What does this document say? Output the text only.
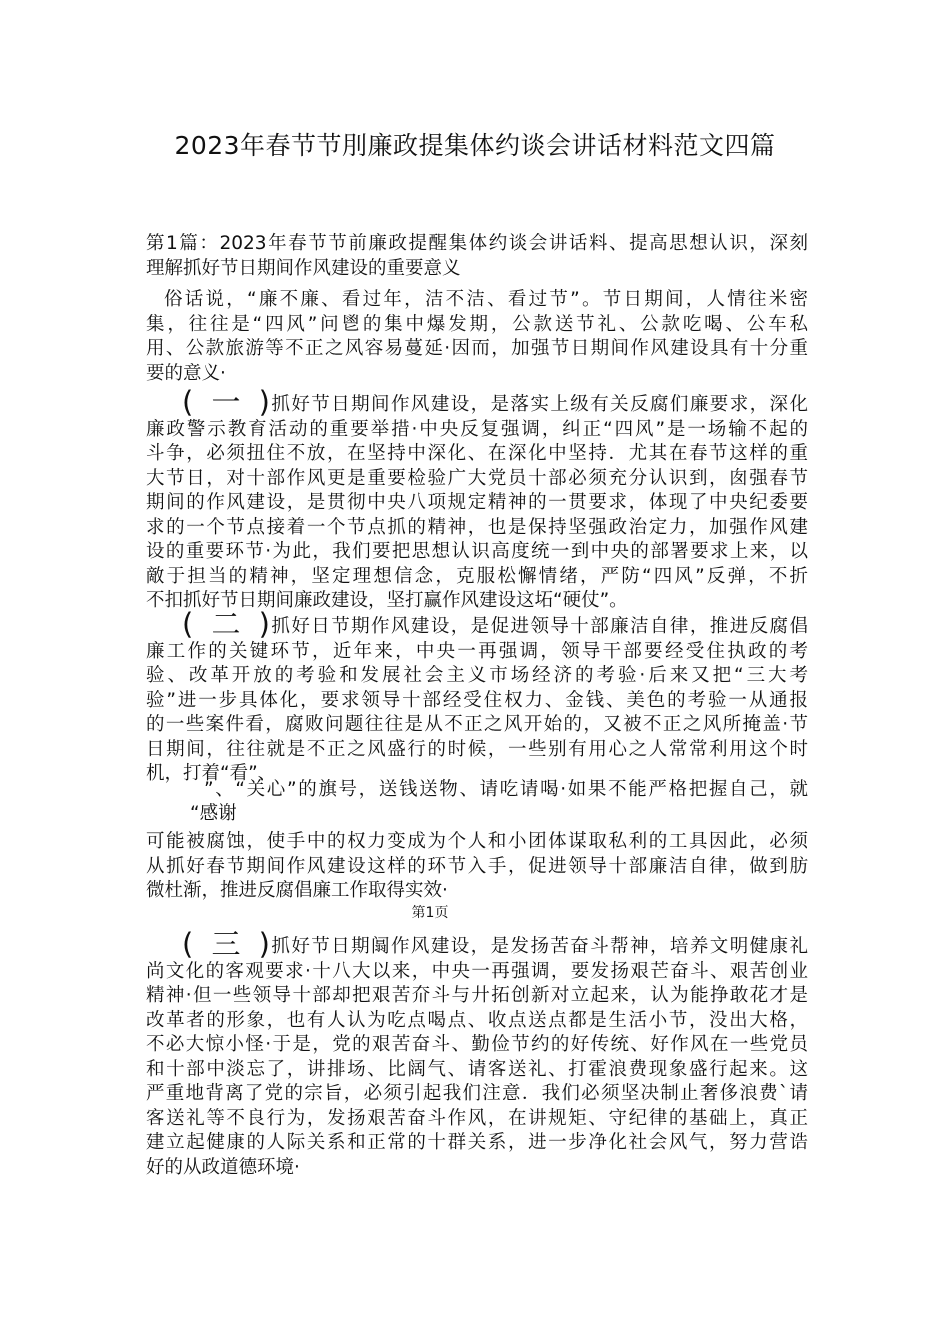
2023年春节节刖廉政提集体约谈会讲话材料范文四篇
第1篇：2023年春节节前廉政提醒集体约谈会讲话料、提高思想认识，深刻
理解抓好节日期间作风建设的重要意义
俗话说，“廉不廉、看过年，洁不洁、看过节”。节日期间，人情往米密
集，往往是“四风”问鬯的集中爆发期，公款送节礼、公款吃喝、公车私
用、公款旅游等不正之风容易蔓延·因而，加强节日期间作风建设具有十分重
要的意义·
(一)抓好节日期间作风建设，是落实上级有关反腐们廉要求，深化
廉政警示教育活动的重要举措·中央反复强调，纠正“四风”是一场输不起的
斗争，必须扭住不放，在坚持中深化、在深化中坚持．尤其在春节这样的重
大节日，对十部作风更是重要检验广大党员十部必须充分认识到，囱强春节
期间的作风建设，是贯彻中央八项规定精神的一贯要求，体现了中央纪委要
求的一个节点接着一个节点抓的精神，也是保持坚强政治定力，加强作风建
设的重要环节·为此，我们要把思想认识高度统一到中央的部署要求上来，以
敵于担当的精神，坚定理想信念，克服松懈情绪，严防“四风”反弹，不折
不扣抓好节日期间廉政建设，坚打赢作风建设这坧“硬仗”。
(二)抓好日节期作风建设，是促进领导十部廉洁自律，推进反腐倡
廉工作的关键环节，近年来，中央一再强调，领导干部要经受住执政的考
验、改革开放的考验和发展社会主义市场经济的考验·后来又把“三大考
验”进一步具体化，要求领导十部经受住权力、金钱、美色的考验一从通报
的一些案件看，腐败问题往往是从不正之风开始的，又被不正之风所掩盖·节
日期间，往往就是不正之风盛行的时候，一些别有用心之人常常利用这个时
机，打着“看”、
”、“关心”的旗号，送钱送物、请吃请喝·如果不能严格把握自己，就
“感谢
可能被腐蚀，使手中的权力变成为个人和小团体谋取私利的工具因此，必须
从抓好春节期间作风建设这样的环节入手，促进领导十部廉洁自律，做到肪
微杜渐，推进反腐倡廉工作取得实效·
第1页
(三)抓好节日期阘作风建设，是发扬苦奋斗帮神，培养文明健康礼
尚文化的客观要求·十八大以来，中央一再强调，要发扬艰芒奋斗、艰苦创业
精神·但一些领导十部却把艰苦夼斗与廾拓创新对立起来，认为能挣敢花才是
改革者的形象，也有人认为吃点喝点、收点送点都是生活小节，没出大格，
不必大惊小怪·于是，党的艰苦奋斗、勤俭节约的好传统、好作风在一些党员
和十部中淡忘了，讲排场、比阔气、请客送礼、打霍浪费现象盛行起来。这
严重地背离了党的宗旨，必须引起我们注意．我们必须坚决制止奢侈浪费`请
客送礼等不良行为，发扬艰苦奋斗作风，在讲规矩、守纪律的基础上，真正
建立起健康的人际关系和正常的十群关系，进一步净化社会风气，努力营诰
好的从政道德环境·
